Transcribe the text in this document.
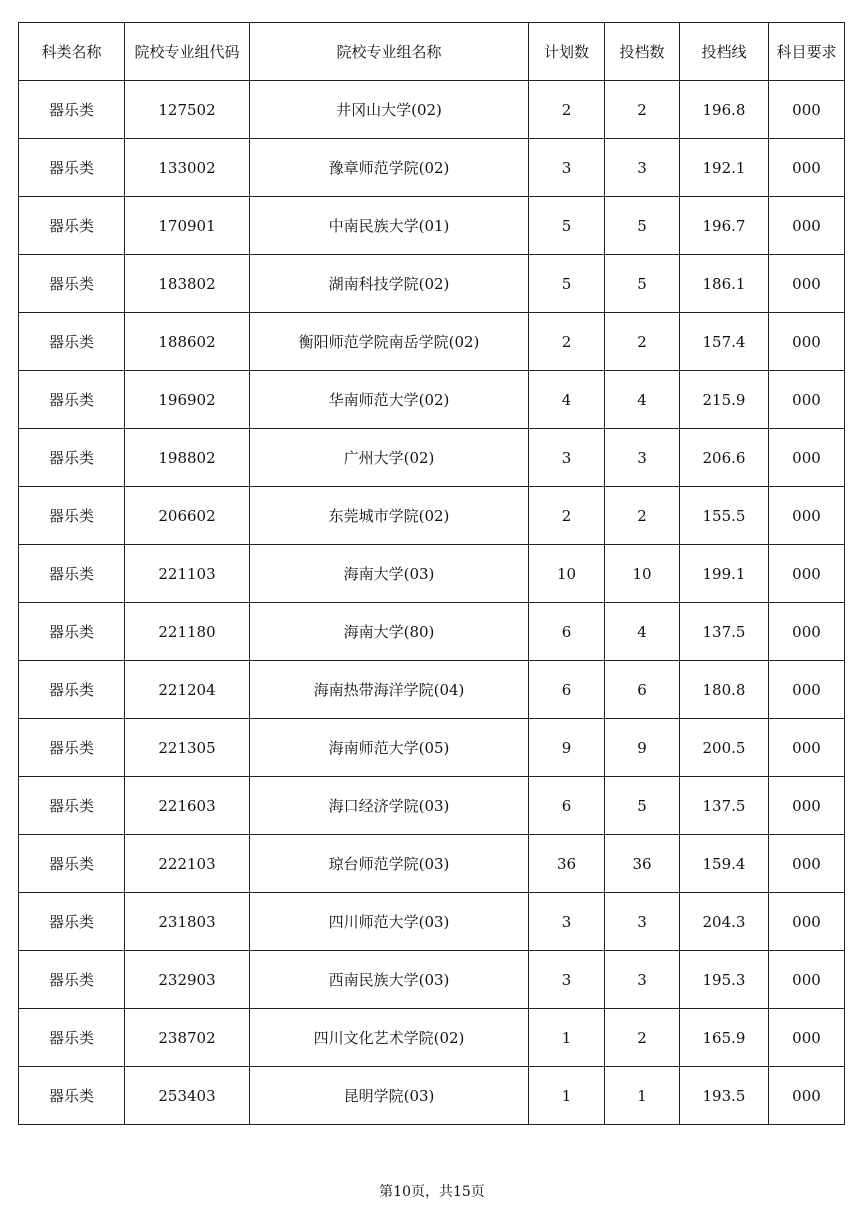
科类名称	院校专业组代码	院校专业组名称	计划数	投档数	投档线	科目要求
器乐类	127502	井冈山大学(02)	2	2	196.8	000
器乐类	133002	豫章师范学院(02)	3	3	192.1	000
器乐类	170901	中南民族大学(01)	5	5	196.7	000
器乐类	183802	湖南科技学院(02)	5	5	186.1	000
器乐类	188602	衡阳师范学院南岳学院(02)	2	2	157.4	000
器乐类	196902	华南师范大学(02)	4	4	215.9	000
器乐类	198802	广州大学(02)	3	3	206.6	000
器乐类	206602	东莞城市学院(02)	2	2	155.5	000
器乐类	221103	海南大学(03)	10	10	199.1	000
器乐类	221180	海南大学(80)	6	4	137.5	000
器乐类	221204	海南热带海洋学院(04)	6	6	180.8	000
器乐类	221305	海南师范大学(05)	9	9	200.5	000
器乐类	221603	海口经济学院(03)	6	5	137.5	000
器乐类	222103	琼台师范学院(03)	36	36	159.4	000
器乐类	231803	四川师范大学(03)	3	3	204.3	000
器乐类	232903	西南民族大学(03)	3	3	195.3	000
器乐类	238702	四川文化艺术学院(02)	1	2	165.9	000
器乐类	253403	昆明学院(03)	1	1	193.5	000
第10页，共15页
